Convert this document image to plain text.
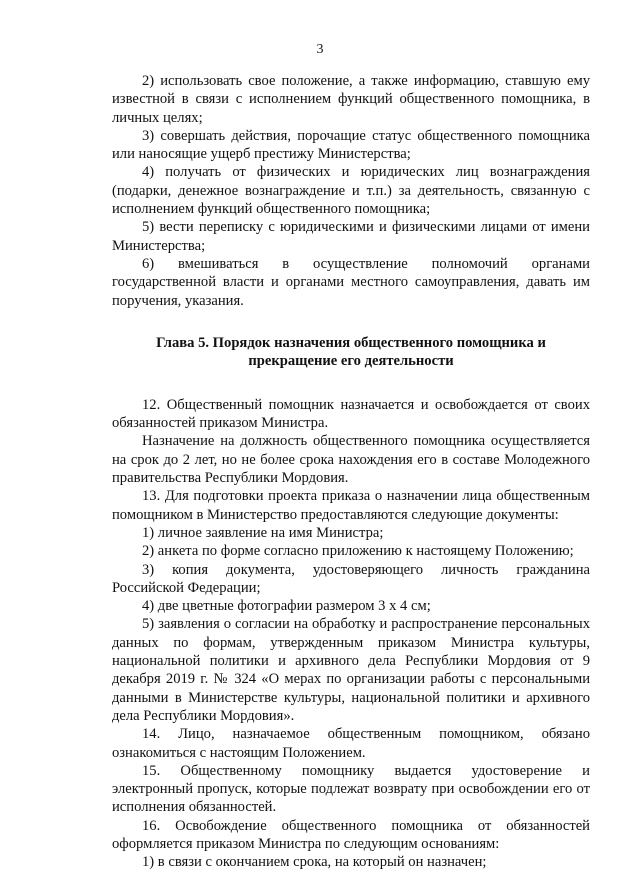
3

2) использовать свое положение, а также информацию, ставшую ему известной в связи с исполнением функций общественного помощника, в личных целях;

3) совершать действия, порочащие статус общественного помощника или наносящие ущерб престижу Министерства;

4) получать от физических и юридических лиц вознаграждения (подарки, денежное вознаграждение и т.п.) за деятельность, связанную с исполнением функций общественного помощника;

5) вести переписку с юридическими и физическими лицами от имени Министерства;

6) вмешиваться в осуществление полномочий органами государственной власти и органами местного самоуправления, давать им поручения, указания.

Глава 5. Порядок назначения общественного помощника и прекращение его деятельности

12. Общественный помощник назначается и освобождается от своих обязанностей приказом Министра.

Назначение на должность общественного помощника осуществляется на срок до 2 лет, но не более срока нахождения его в составе Молодежного правительства Республики Мордовия.

13. Для подготовки проекта приказа о назначении лица общественным помощником в Министерство предоставляются следующие документы:

1) личное заявление на имя Министра;

2) анкета по форме согласно приложению к настоящему Положению;

3) копия документа, удостоверяющего личность гражданина Российской Федерации;

4) две цветные фотографии размером 3 х 4 см;

5) заявления о согласии на обработку и распространение персональных данных по формам, утвержденным приказом Министра культуры, национальной политики и архивного дела Республики Мордовия от 9 декабря 2019 г. № 324 «О мерах по организации работы с персональными данными в Министерстве культуры, национальной политики и архивного дела Республики Мордовия».

14. Лицо, назначаемое общественным помощником, обязано ознакомиться с настоящим Положением.

15. Общественному помощнику выдается удостоверение и электронный пропуск, которые подлежат возврату при освобождении его от исполнения обязанностей.

16. Освобождение общественного помощника от обязанностей оформляется приказом Министра по следующим основаниям:

1) в связи с окончанием срока, на который он назначен;
